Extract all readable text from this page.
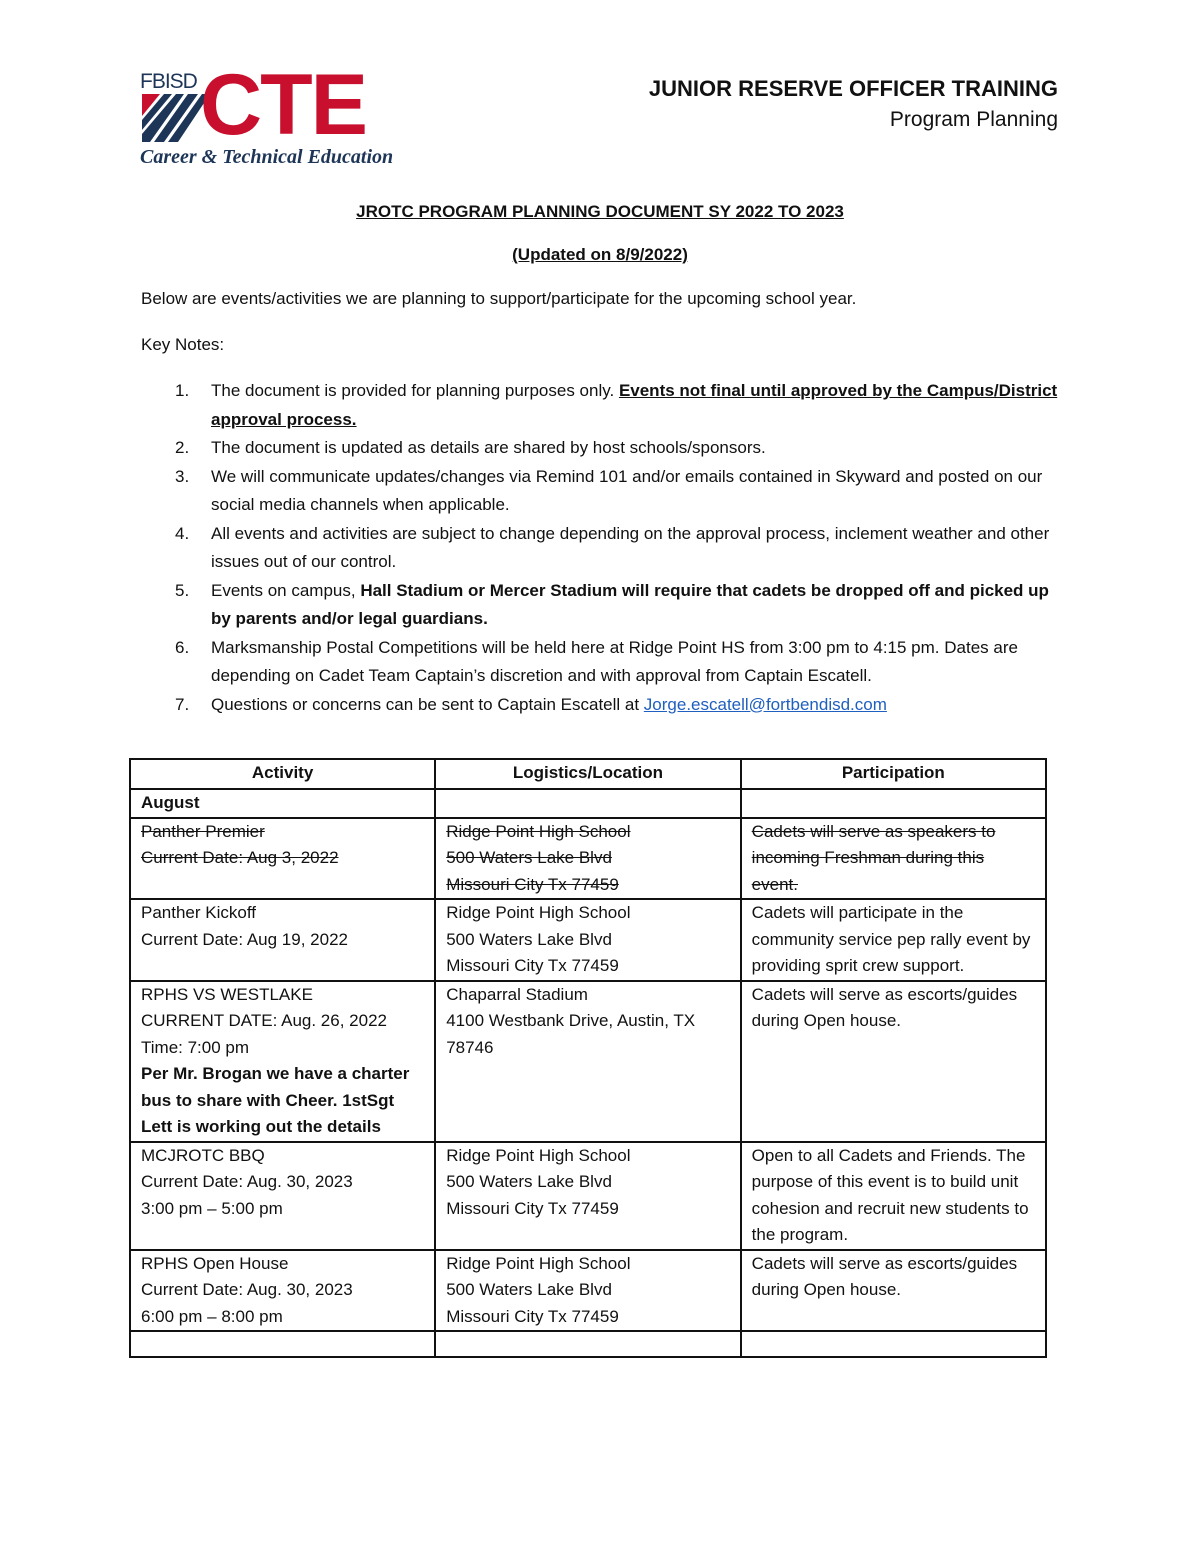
FBISD CTE
Career & Technical Education
JUNIOR RESERVE OFFICER TRAINING
Program Planning
JROTC PROGRAM PLANNING DOCUMENT SY 2022 TO 2023
(Updated on 8/9/2022)
Below are events/activities we are planning to support/participate for the upcoming school year.
Key Notes:
1. The document is provided for planning purposes only. Events not final until approved by the Campus/District approval process.
2. The document is updated as details are shared by host schools/sponsors.
3. We will communicate updates/changes via Remind 101 and/or emails contained in Skyward and posted on our social media channels when applicable.
4. All events and activities are subject to change depending on the approval process, inclement weather and other issues out of our control.
5. Events on campus, Hall Stadium or Mercer Stadium will require that cadets be dropped off and picked up by parents and/or legal guardians.
6. Marksmanship Postal Competitions will be held here at Ridge Point HS from 3:00 pm to 4:15 pm. Dates are depending on Cadet Team Captain’s discretion and with approval from Captain Escatell.
7. Questions or concerns can be sent to Captain Escatell at Jorge.escatell@fortbendisd.com
Activity	Logistics/Location	Participation
August		

Panther Premier
Current Date: Aug 3, 2022	Ridge Point High School
500 Waters Lake Blvd
Missouri City Tx 77459	Cadets will serve as speakers to incoming Freshman during this event.

Panther Kickoff
Current Date: Aug 19, 2022	Ridge Point High School
500 Waters Lake Blvd
Missouri City Tx 77459	Cadets will participate in the community service pep rally event by providing sprit crew support.

RPHS VS WESTLAKE
CURRENT DATE: Aug. 26, 2022
Time: 7:00 pm
Per Mr. Brogan we have a charter bus to share with Cheer. 1stSgt Lett is working out the details	Chaparral Stadium
4100 Westbank Drive, Austin, TX 78746	Cadets will serve as escorts/guides during Open house.

MCJROTC BBQ
Current Date: Aug. 30, 2023
3:00 pm – 5:00 pm	Ridge Point High School
500 Waters Lake Blvd
Missouri City Tx 77459	Open to all Cadets and Friends. The purpose of this event is to build unit cohesion and recruit new students to the program.

RPHS Open House
Current Date: Aug. 30, 2023
6:00 pm – 8:00 pm	Ridge Point High School
500 Waters Lake Blvd
Missouri City Tx 77459	Cadets will serve as escorts/guides during Open house.
